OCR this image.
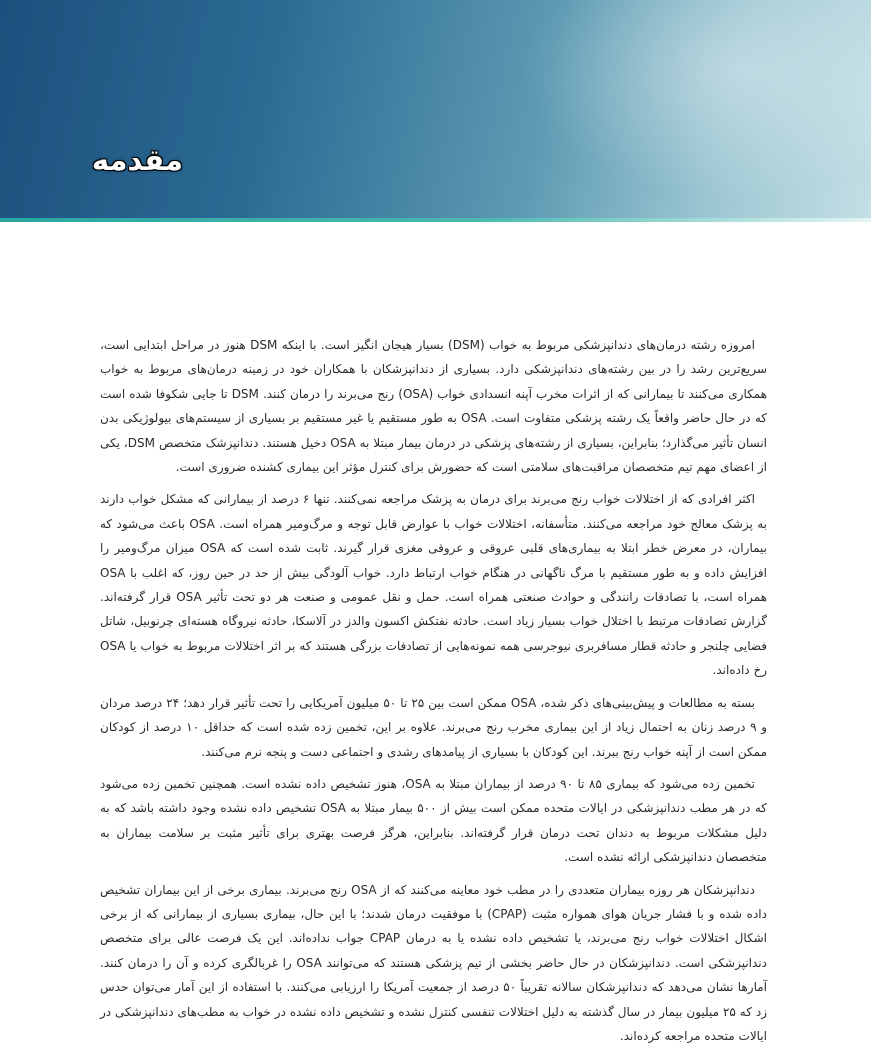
مقدمه

امروزه رشته درمان‌های دندانپزشکی مربوط به خواب (DSM) بسیار هیجان انگیز است. با اینکه DSM هنوز در مراحل ابتدایی است، سریع‌ترین رشد را در بین رشته‌های دندانپزشکی دارد. بسیاری از دندانپزشکان با همکاران خود در زمینه درمان‌های مربوط به خواب همکاری می‌کنند تا بیمارانی که از اثرات مخرب آپنه انسدادی خواب (OSA) رنج می‌برند را درمان کنند. DSM تا جایی شکوفا شده است که در حال حاضر واقعاً یک رشته پزشکی متفاوت است. OSA به طور مستقیم یا غیر مستقیم بر بسیاری از سیستم‌های بیولوژیکی بدن انسان تأثیر می‌گذارد؛ بنابراین، بسیاری از رشته‌های پزشکی در درمان بیمار مبتلا به OSA دخیل هستند. دندانپزشک متخصص DSM، یکی از اعضای مهم تیم متخصصان مراقبت‌های سلامتی است که حضورش برای کنترل مؤثر این بیماری کشنده ضروری است.

اکثر افرادی که از اختلالات خواب رنج می‌برند برای درمان به پزشک مراجعه نمی‌کنند. تنها ۶ درصد از بیمارانی که مشکل خواب دارند به پزشک معالج خود مراجعه می‌کنند. متأسفانه، اختلالات خواب با عوارض قابل توجه و مرگ‌ومیر همراه است. OSA باعث می‌شود که بیماران، در معرض خطر ابتلا به بیماری‌های قلبی عروقی و عروقی مغزی قرار گیرند. ثابت شده است که OSA میزان مرگ‌ومیر را افزایش داده و به طور مستقیم با مرگ ناگهانی در هنگام خواب ارتباط دارد. خواب آلودگی بیش از حد در حین روز، که اغلب با OSA همراه است، با تصادفات رانندگی و حوادث صنعتی همراه است. حمل و نقل عمومی و صنعت هر دو تحت تأثیر OSA قرار گرفته‌اند. گزارش تصادفات مرتبط با اختلال خواب بسیار زیاد است. حادثه نفتکش اکسون والدز در آلاسکا، حادثه نیروگاه هسته‌ای چرنوبیل، شاتل فضایی چلنجر و حادثه قطار مسافربری نیوجرسی همه نمونه‌هایی از تصادفات بزرگی هستند که بر اثر اختلالات مربوط به خواب یا OSA رخ داده‌اند.

بسته به مطالعات و پیش‌بینی‌های ذکر شده، OSA ممکن است بین ۲۵ تا ۵۰ میلیون آمریکایی را تحت تأثیر قرار دهد؛ ۲۴ درصد مردان و ۹ درصد زنان به احتمال زیاد از این بیماری مخرب رنج می‌برند. علاوه بر این، تخمین زده شده است که حداقل ۱۰ درصد از کودکان ممکن است از آپنه خواب رنج ببرند. این کودکان با بسیاری از پیامدهای رشدی و اجتماعی دست و پنجه نرم می‌کنند.

تخمین زده می‌شود که بیماری ۸۵ تا ۹۰ درصد از بیماران مبتلا به OSA، هنوز تشخیص داده نشده است. همچنین تخمین زده می‌شود که در هر مطب دندانپزشکی در ایالات متحده ممکن است بیش از ۵۰۰ بیمار مبتلا به OSA تشخیص داده نشده وجود داشته باشد که به دلیل مشکلات مربوط به دندان تحت درمان قرار گرفته‌اند. بنابراین، هرگز فرصت بهتری برای تأثیر مثبت بر سلامت بیماران به متخصصان دندانپزشکی ارائه نشده است.

دندانپزشکان هر روزه بیماران متعددی را در مطب خود معاینه می‌کنند که از OSA رنج می‌برند. بیماری برخی از این بیماران تشخیص داده شده و با فشار جریان هوای همواره مثبت (CPAP) با موفقیت درمان شدند؛ با این حال، بیماری بسیاری از بیمارانی که از برخی اشکال اختلالات خواب رنج می‌برند، یا تشخیص داده نشده یا به درمان CPAP جواب نداده‌اند. این یک فرصت عالی برای متخصص دندانپزشکی است. دندانپزشکان در حال حاضر بخشی از تیم پزشکی هستند که می‌توانند OSA را غربالگری کرده و آن را درمان کنند. آمارها نشان می‌دهد که دندانپزشکان سالانه تقریباً ۵۰ درصد از جمعیت آمریکا را ارزیابی می‌کنند. با استفاده از این آمار می‌توان حدس زد که ۲۵ میلیون بیمار در سال گذشته به دلیل اختلالات تنفسی کنترل نشده و تشخیص داده نشده در خواب به مطب‌های دندانپزشکی در ایالات متحده مراجعه کرده‌اند.
